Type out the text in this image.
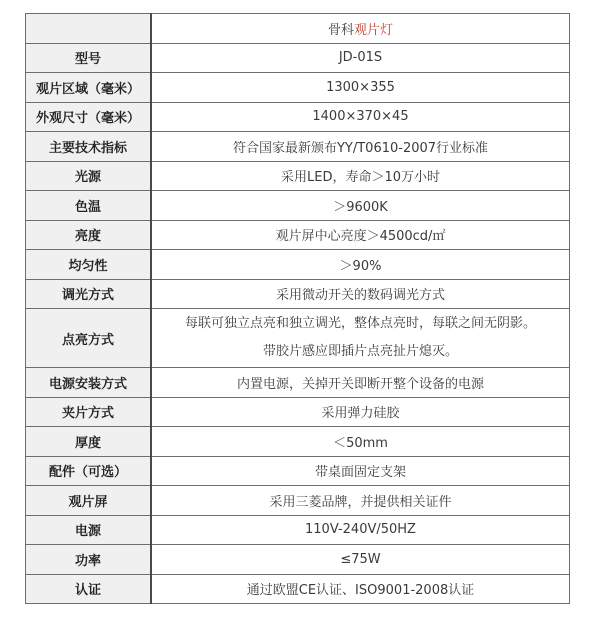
	骨科观片灯
型号	JD-01S
观片区域（毫米）	1300×355
外观尺寸（毫米）	1400×370×45
主要技术指标	符合国家最新颁布YY/T0610-2007行业标准
光源	采用LED，寿命＞10万小时
色温	＞9600K
亮度	观片屏中心亮度＞4500cd/㎡
均匀性	＞90%
调光方式	采用微动开关的数码调光方式
点亮方式	每联可独立点亮和独立调光，整体点亮时，每联之间无阴影。
带胶片感应即插片点亮扯片熄灭。

电源安装方式	内置电源，关掉开关即断开整个设备的电源
夹片方式	采用弹力硅胶
厚度	＜50mm
配件（可选）	带桌面固定支架
观片屏	采用三菱品牌，并提供相关证件
电源	110V-240V/50HZ
功率	≤75W
认证	通过欧盟CE认证、ISO9001-2008认证
